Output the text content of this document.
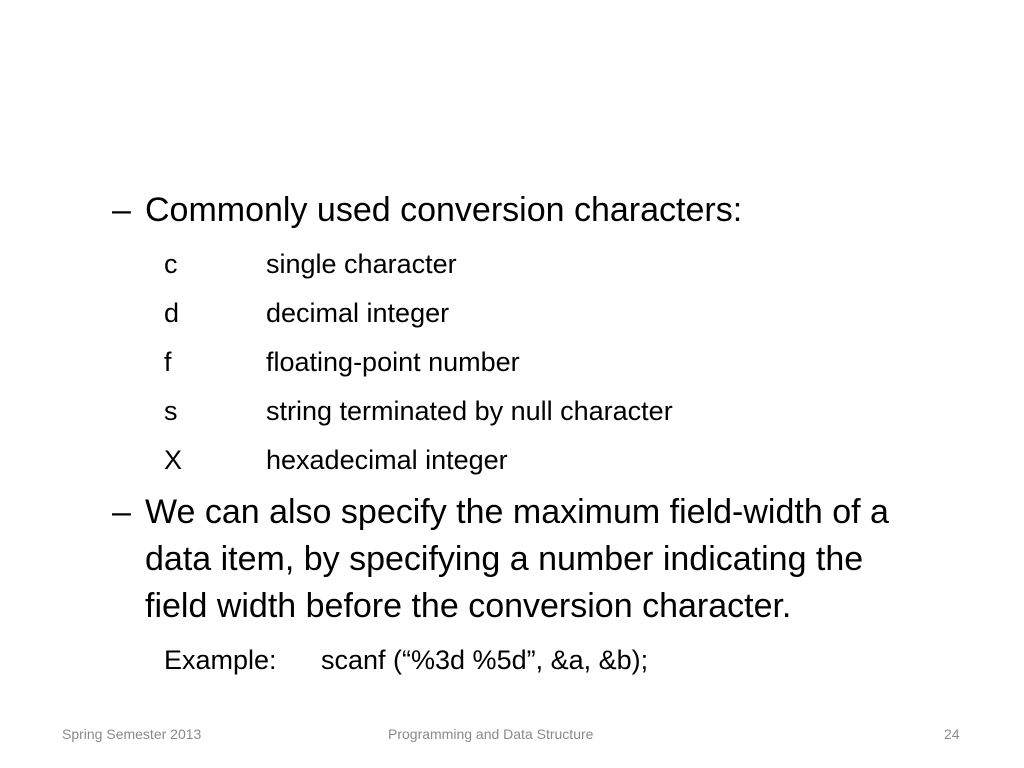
– Commonly used conversion characters:
c	single character
d	decimal integer
f	floating-point number
s	string terminated by null character
X	hexadecimal integer
– We can also specify the maximum field-width of a
data item, by specifying a number indicating the
field width before the conversion character.
Example: scanf (“%3d %5d”, &a, &b);
Spring Semester 2013	Programming and Data Structure	24
